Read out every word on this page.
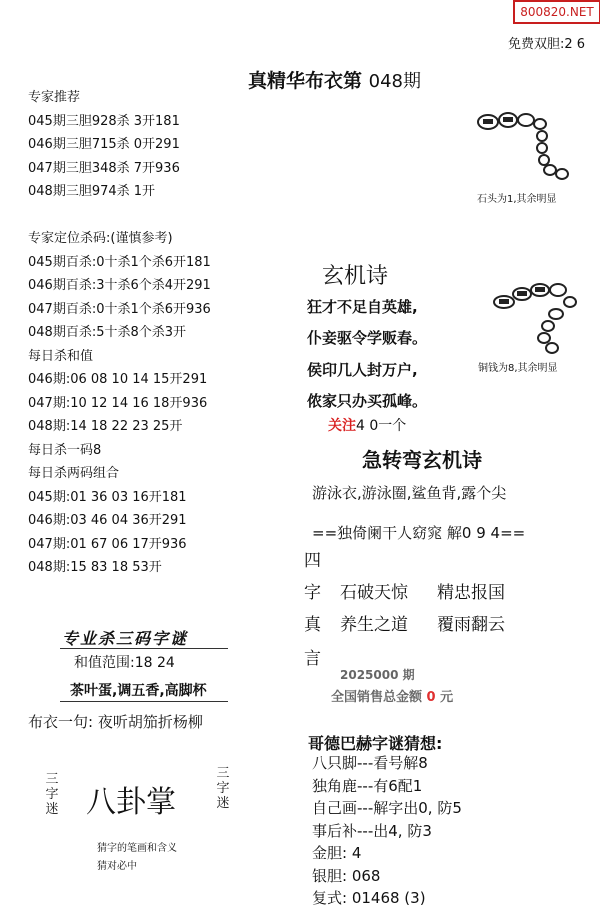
800820.NET
免费双胆:2 6
真精华布衣第 048期
专家推荐
045期三胆928杀 3开181
046期三胆715杀 0开291
047期三胆348杀 7开936
048期三胆974杀 1开
专家定位杀码:(谨慎参考)
045期百杀:0十杀1个杀6开181
046期百杀:3十杀6个杀4开291
047期百杀:0十杀1个杀6开936
048期百杀:5十杀8个杀3开
每日杀和值
046期:06 08 10 14 15开291
047期:10 12 14 16 18开936
048期:14 18 22 23 25开
每日杀一码8
每日杀两码组合
045期:01 36 03 16开181
046期:03 46 04 36开291
047期:01 67 06 17开936
048期:15 83 18 53开
石头为1,其余明显
玄机诗
狂才不足自英雄,
仆妾驱令学贩春。
侯印几人封万户,
侬家只办买孤峰。
铜钱为8,其余明显
关注4 0一个
急转弯玄机诗
游泳衣,游泳圈,鲨鱼背,露个尖
==独倚阑干人窈窕 解0 9 4==
四
字
真
言
石破天惊 精忠报国
养生之道 覆雨翻云
2025000 期
全国销售总金额 0 元
哥德巴赫字谜猜想:
八只脚---看号解8
独角鹿---有6配1
自己画---解字出0, 防5
事后补---出4, 防3
金胆: 4
银胆: 068
复式: 01468 (3)
专业杀三码字谜
和值范围:18 24
茶叶蛋,调五香,高脚杯
布衣一句: 夜听胡笳折杨柳
三字迷 八卦掌
三字迷
猜字的笔画和含义
猜对必中
